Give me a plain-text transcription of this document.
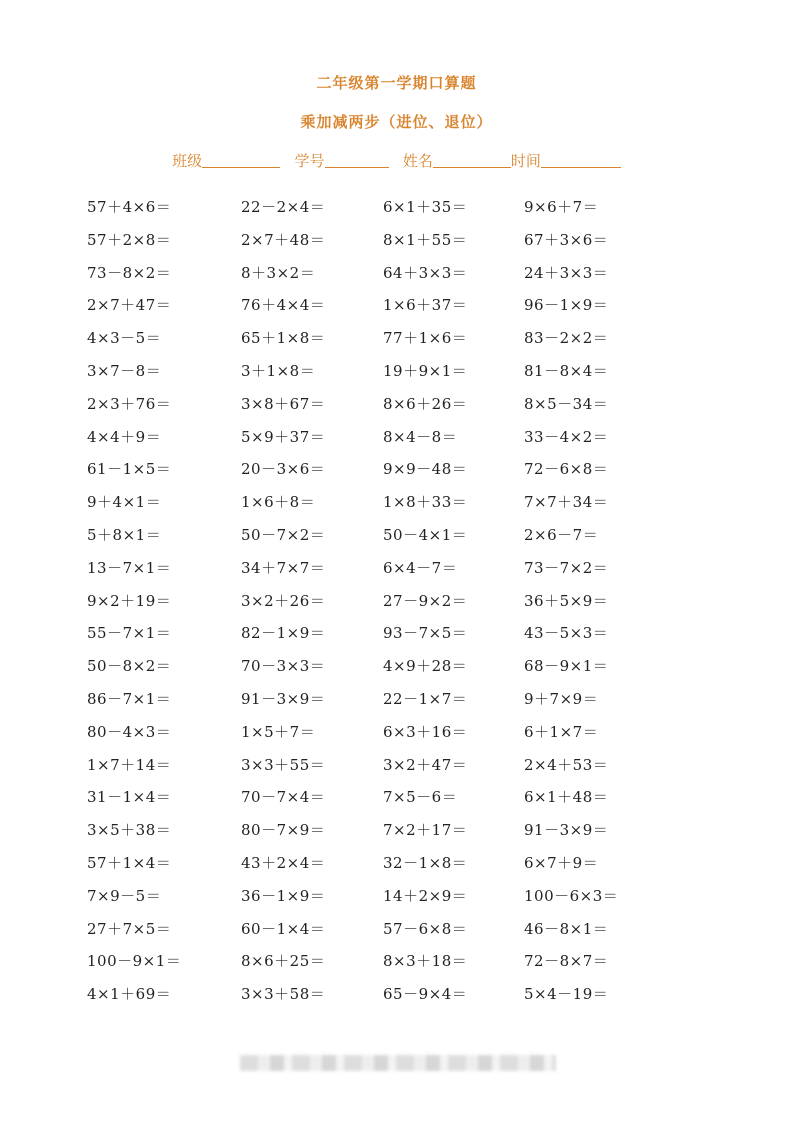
二年级第一学期口算题
乘加减两步（进位、退位）
班级	学号	姓名	时间
57＋4×6＝	22－2×4＝	6×1＋35＝	9×6＋7＝
57＋2×8＝	2×7＋48＝	8×1＋55＝	67＋3×6＝
73－8×2＝	8＋3×2＝	64＋3×3＝	24＋3×3＝
2×7＋47＝	76＋4×4＝	1×6＋37＝	96－1×9＝
4×3－5＝	65＋1×8＝	77＋1×6＝	83－2×2＝
3×7－8＝	3＋1×8＝	19＋9×1＝	81－8×4＝
2×3＋76＝	3×8＋67＝	8×6＋26＝	8×5－34＝
4×4＋9＝	5×9＋37＝	8×4－8＝	33－4×2＝
61－1×5＝	20－3×6＝	9×9－48＝	72－6×8＝
9＋4×1＝	1×6＋8＝	1×8＋33＝	7×7＋34＝
5＋8×1＝	50－7×2＝	50－4×1＝	2×6－7＝
13－7×1＝	34＋7×7＝	6×4－7＝	73－7×2＝
9×2＋19＝	3×2＋26＝	27－9×2＝	36＋5×9＝
55－7×1＝	82－1×9＝	93－7×5＝	43－5×3＝
50－8×2＝	70－3×3＝	4×9＋28＝	68－9×1＝
86－7×1＝	91－3×9＝	22－1×7＝	9＋7×9＝
80－4×3＝	1×5＋7＝	6×3＋16＝	6＋1×7＝
1×7＋14＝	3×3＋55＝	3×2＋47＝	2×4＋53＝
31－1×4＝	70－7×4＝	7×5－6＝	6×1＋48＝
3×5＋38＝	80－7×9＝	7×2＋17＝	91－3×9＝
57＋1×4＝	43＋2×4＝	32－1×8＝	6×7＋9＝
7×9－5＝	36－1×9＝	14＋2×9＝	100－6×3＝
27＋7×5＝	60－1×4＝	57－6×8＝	46－8×1＝
100－9×1＝	8×6＋25＝	8×3＋18＝	72－8×7＝
4×1＋69＝	3×3＋58＝	65－9×4＝	5×4－19＝
